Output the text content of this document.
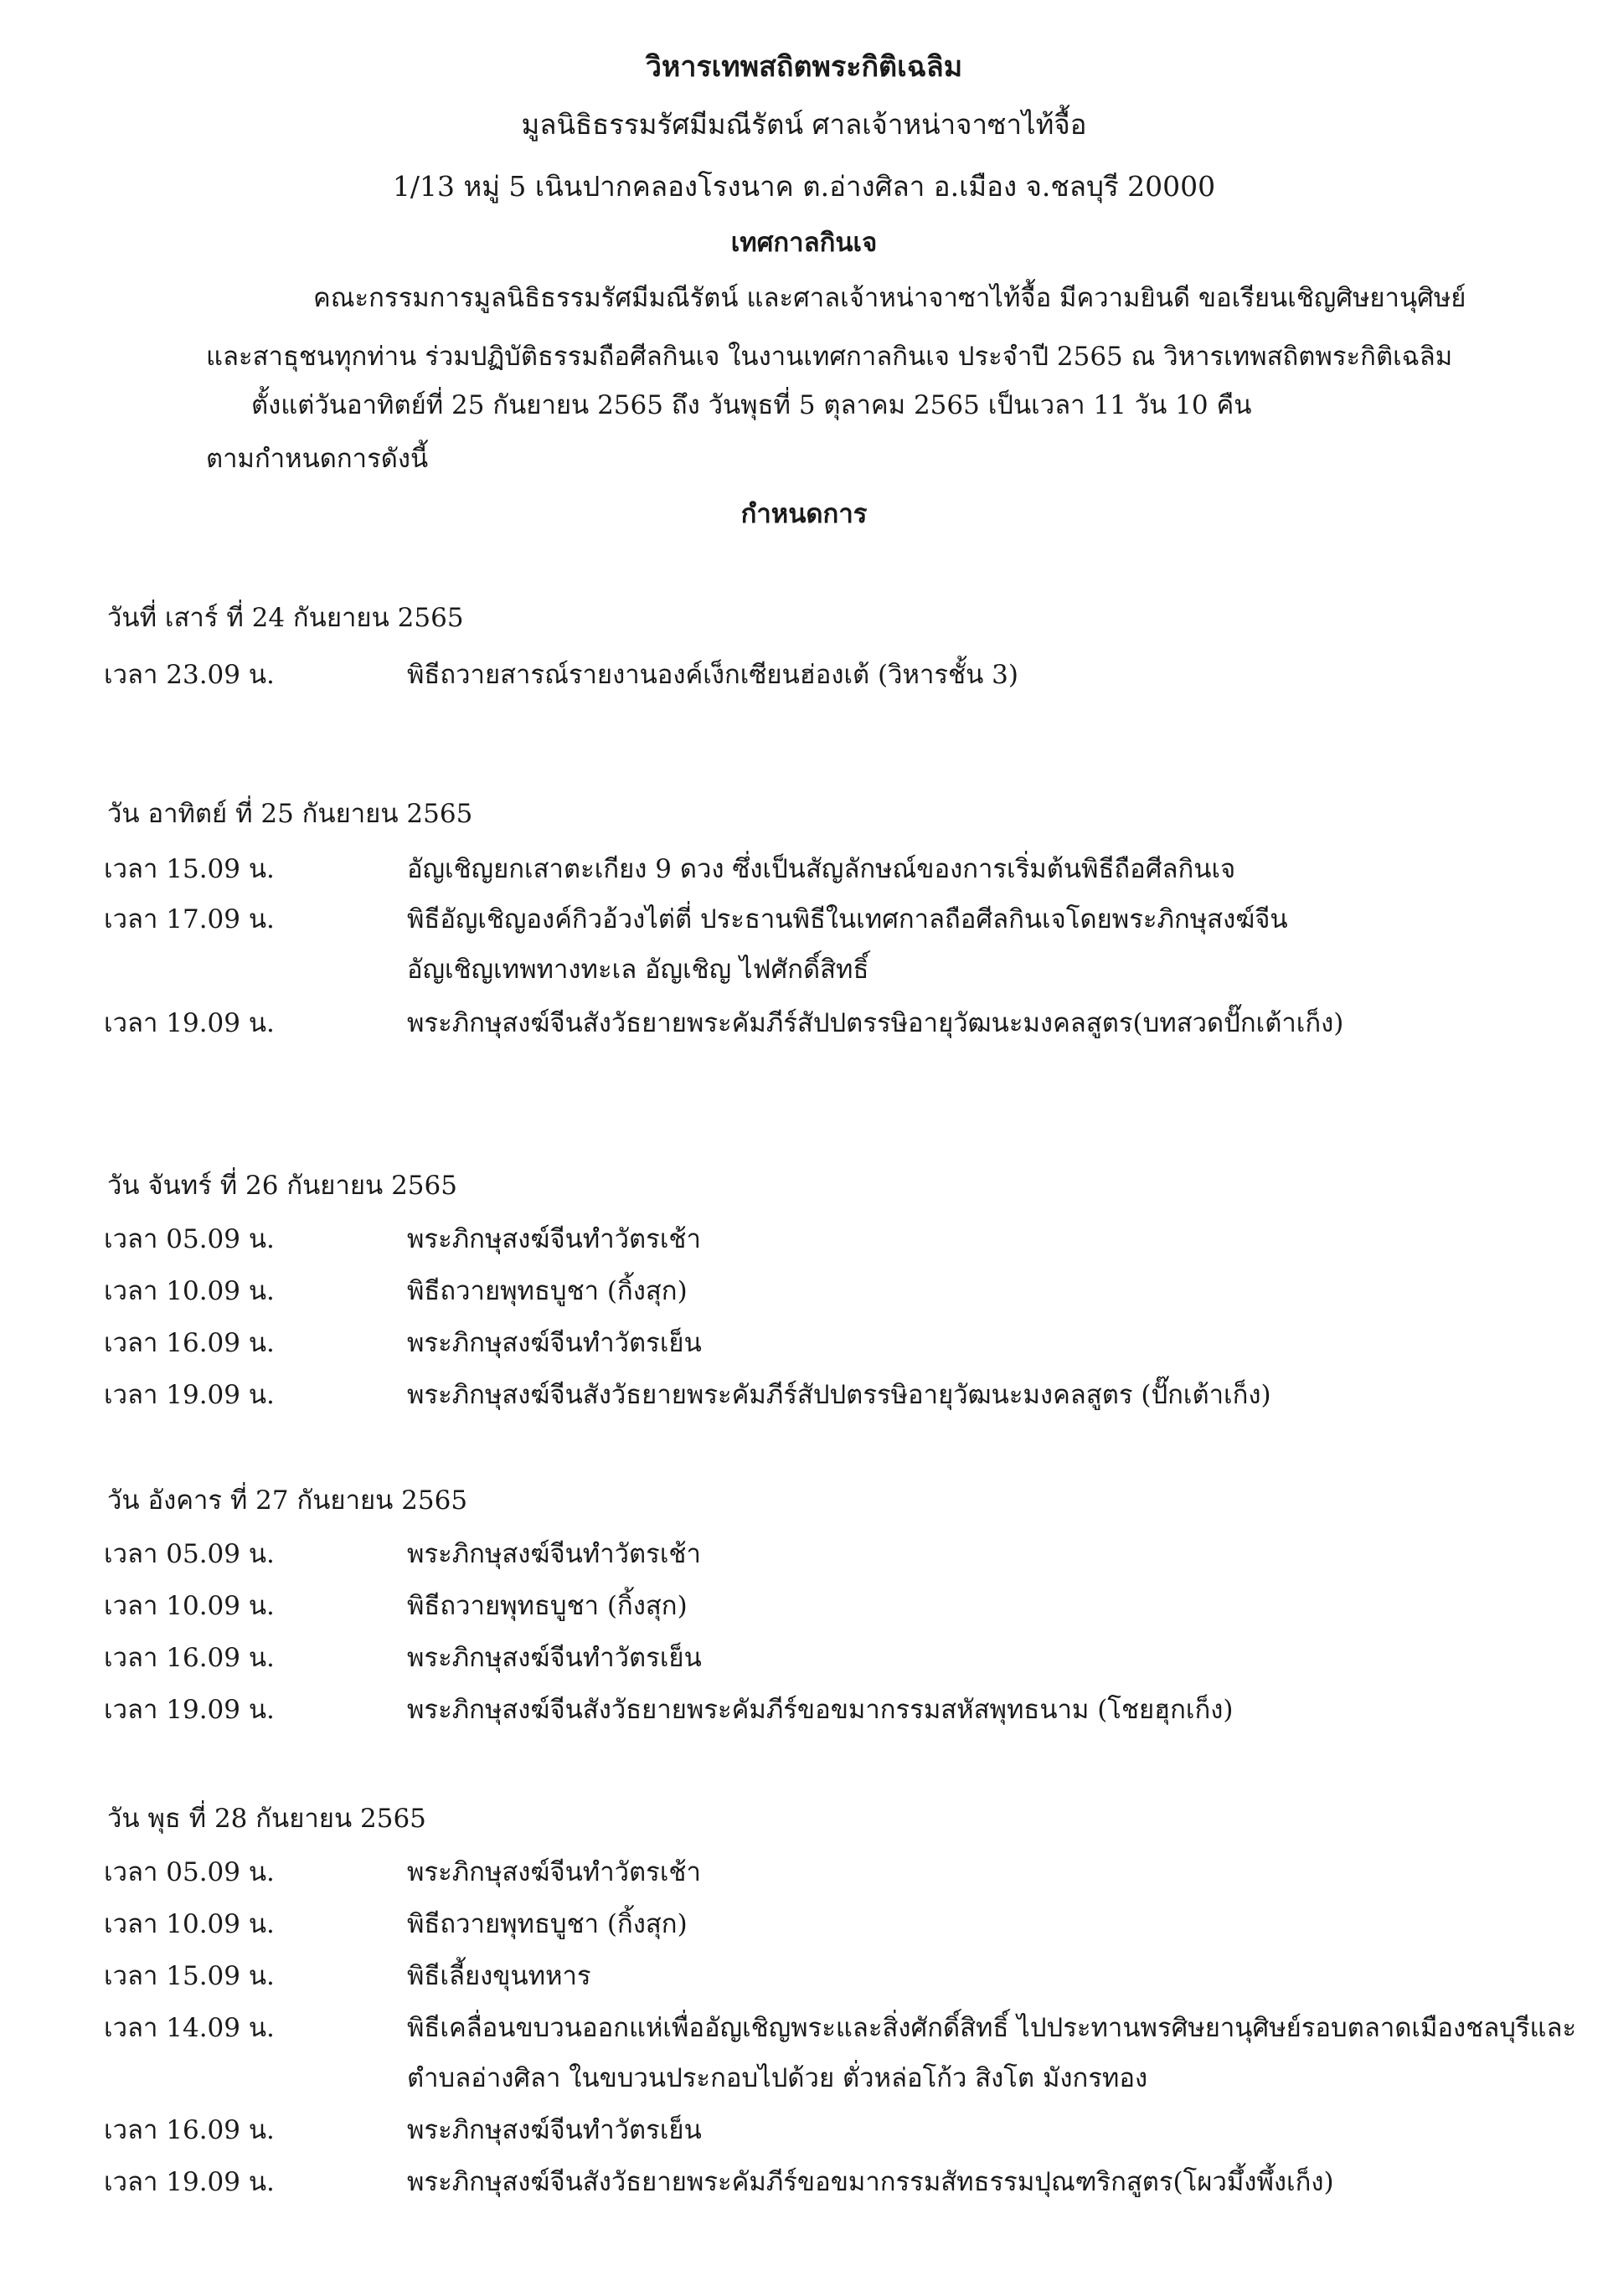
วิหารเทพสถิตพระกิติเฉลิม
มูลนิธิธรรมรัศมีมณีรัตน์ ศาลเจ้าหน่าจาซาไท้จื้อ
1/13 หมู่ 5 เนินปากคลองโรงนาค ต.อ่างศิลา อ.เมือง จ.ชลบุรี 20000
เทศกาลกินเจ
คณะกรรมการมูลนิธิธรรมรัศมีมณีรัตน์ และศาลเจ้าหน่าจาซาไท้จื้อ มีความยินดี ขอเรียนเชิญศิษยานุศิษย์
และสาธุชนทุกท่าน ร่วมปฏิบัติธรรมถือศีลกินเจ ในงานเทศกาลกินเจ ประจำปี 2565 ณ วิหารเทพสถิตพระกิติเฉลิม
ตั้งแต่วันอาทิตย์ที่ 25 กันยายน 2565 ถึง วันพุธที่ 5 ตุลาคม 2565 เป็นเวลา 11 วัน 10 คืน
ตามกำหนดการดังนี้
กำหนดการ
วันที่ เสาร์ ที่ 24 กันยายน 2565
เวลา 23.09 น.	พิธีถวายสารณ์รายงานองค์เง็กเซียนฮ่องเต้ (วิหารชั้น 3)
วัน อาทิตย์ ที่ 25 กันยายน 2565
เวลา 15.09 น.	อัญเชิญยกเสาตะเกียง 9 ดวง ซึ่งเป็นสัญลักษณ์ของการเริ่มต้นพิธีถือศีลกินเจ
เวลา 17.09 น.	พิธีอัญเชิญองค์กิวอ้วงไต่ตี่ ประธานพิธีในเทศกาลถือศีลกินเจโดยพระภิกษุสงฆ์จีน
อัญเชิญเทพทางทะเล อัญเชิญ ไฟศักดิ์สิทธิ์
เวลา 19.09 น.	พระภิกษุสงฆ์จีนสังวัธยายพระคัมภีร์สัปปตรรษิอายุวัฒนะมงคลสูตร(บทสวดปั๊กเต้าเก็ง)
วัน จันทร์ ที่ 26 กันยายน 2565
เวลา 05.09 น.	พระภิกษุสงฆ์จีนทำวัตรเช้า
เวลา 10.09 น.	พิธีถวายพุทธบูชา (กิ้งสุก)
เวลา 16.09 น.	พระภิกษุสงฆ์จีนทำวัตรเย็น
เวลา 19.09 น.	พระภิกษุสงฆ์จีนสังวัธยายพระคัมภีร์สัปปตรรษิอายุวัฒนะมงคลสูตร (ปั๊กเต้าเก็ง)
วัน อังคาร ที่ 27 กันยายน 2565
เวลา 05.09 น.	พระภิกษุสงฆ์จีนทำวัตรเช้า
เวลา 10.09 น.	พิธีถวายพุทธบูชา (กิ้งสุก)
เวลา 16.09 น.	พระภิกษุสงฆ์จีนทำวัตรเย็น
เวลา 19.09 น.	พระภิกษุสงฆ์จีนสังวัธยายพระคัมภีร์ขอขมากรรมสหัสพุทธนาม (โชยฮุกเก็ง)
วัน พุธ ที่ 28 กันยายน 2565
เวลา 05.09 น.	พระภิกษุสงฆ์จีนทำวัตรเช้า
เวลา 10.09 น.	พิธีถวายพุทธบูชา (กิ้งสุก)
เวลา 15.09 น.	พิธีเลี้ยงขุนทหาร
เวลา 14.09 น.	พิธีเคลื่อนขบวนออกแห่เพื่ออัญเชิญพระและสิ่งศักดิ์สิทธิ์ ไปประทานพรศิษยานุศิษย์รอบตลาดเมืองชลบุรีและ
ตำบลอ่างศิลา ในขบวนประกอบไปด้วย ตั่วหล่อโก้ว สิงโต มังกรทอง
เวลา 16.09 น.	พระภิกษุสงฆ์จีนทำวัตรเย็น
เวลา 19.09 น.	พระภิกษุสงฆ์จีนสังวัธยายพระคัมภีร์ขอขมากรรมสัทธรรมปุณฑริกสูตร(โผวมึ้งพึ้งเก็ง)
